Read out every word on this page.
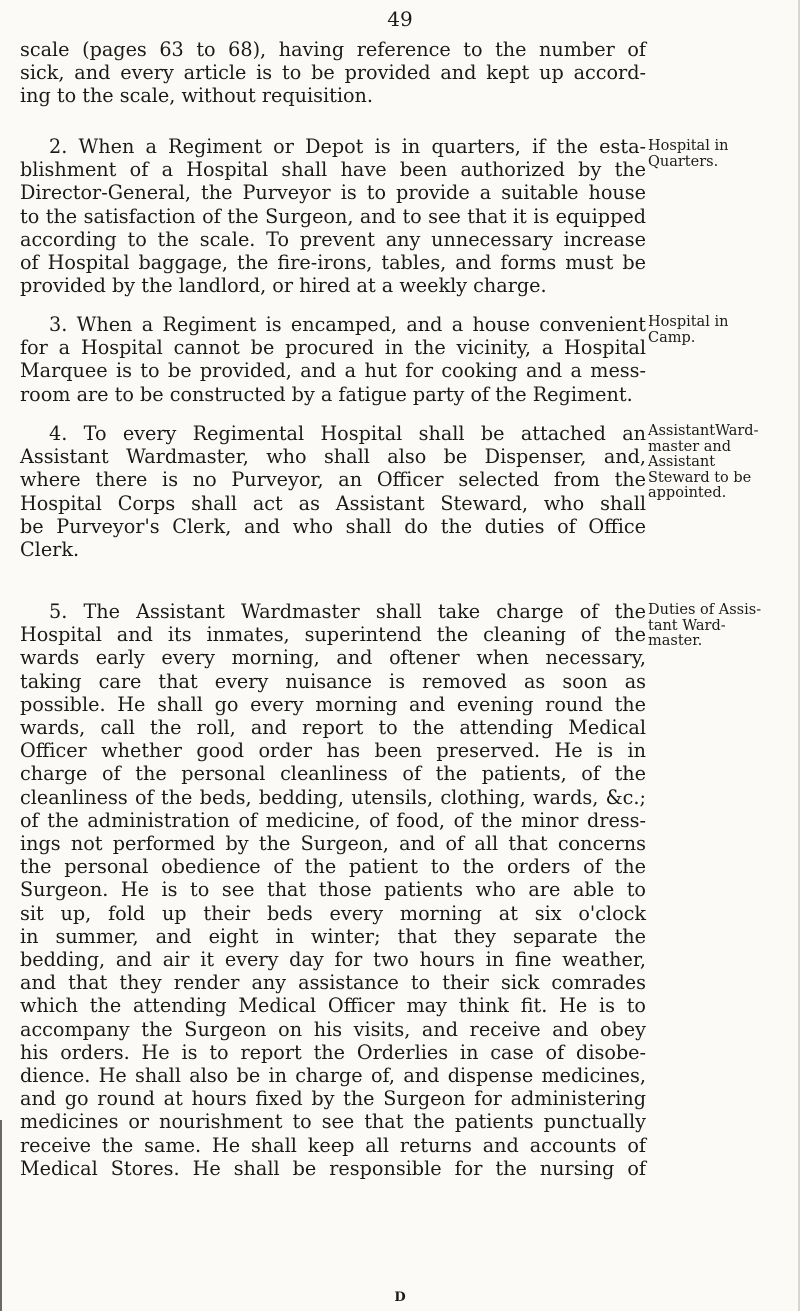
49

scale (pages 63 to 68), having reference to the number of

sick, and every article is to be provided and kept up accord-

ing to the scale, without requisition.

2. When a Regiment or Depot is in quarters, if the esta-

blishment of a Hospital shall have been authorized by the

Director-General, the Purveyor is to provide a suitable house

to the satisfaction of the Surgeon, and to see that it is equipped

according to the scale. To prevent any unnecessary increase

of Hospital baggage, the fire-irons, tables, and forms must be

provided by the landlord, or hired at a weekly charge.

Hospital in
Quarters.

3. When a Regiment is encamped, and a house convenient

for a Hospital cannot be procured in the vicinity, a Hospital

Marquee is to be provided, and a hut for cooking and a mess-

room are to be constructed by a fatigue party of the Regiment.

Hospital in
Camp.

4. To every Regimental Hospital shall be attached an

Assistant Wardmaster, who shall also be Dispenser, and,

where there is no Purveyor, an Officer selected from the

Hospital Corps shall act as Assistant Steward, who shall

be Purveyor's Clerk, and who shall do the duties of Office

Clerk.

AssistantWard-
master and
Assistant
Steward to be
appointed.

5. The Assistant Wardmaster shall take charge of the

Hospital and its inmates, superintend the cleaning of the

wards early every morning, and oftener when necessary,

taking care that every nuisance is removed as soon as

possible. He shall go every morning and evening round the

wards, call the roll, and report to the attending Medical

Officer whether good order has been preserved. He is in

charge of the personal cleanliness of the patients, of the

cleanliness of the beds, bedding, utensils, clothing, wards, &c.;

of the administration of medicine, of food, of the minor dress-

ings not performed by the Surgeon, and of all that concerns

the personal obedience of the patient to the orders of the

Surgeon. He is to see that those patients who are able to

sit up, fold up their beds every morning at six o'clock

in summer, and eight in winter; that they separate the

bedding, and air it every day for two hours in fine weather,

and that they render any assistance to their sick comrades

which the attending Medical Officer may think fit. He is to

accompany the Surgeon on his visits, and receive and obey

his orders. He is to report the Orderlies in case of disobe-

dience. He shall also be in charge of, and dispense medicines,

and go round at hours fixed by the Surgeon for administering

medicines or nourishment to see that the patients punctually

receive the same. He shall keep all returns and accounts of

Medical Stores. He shall be responsible for the nursing of

Duties of Assis-
tant Ward-
master.
D
